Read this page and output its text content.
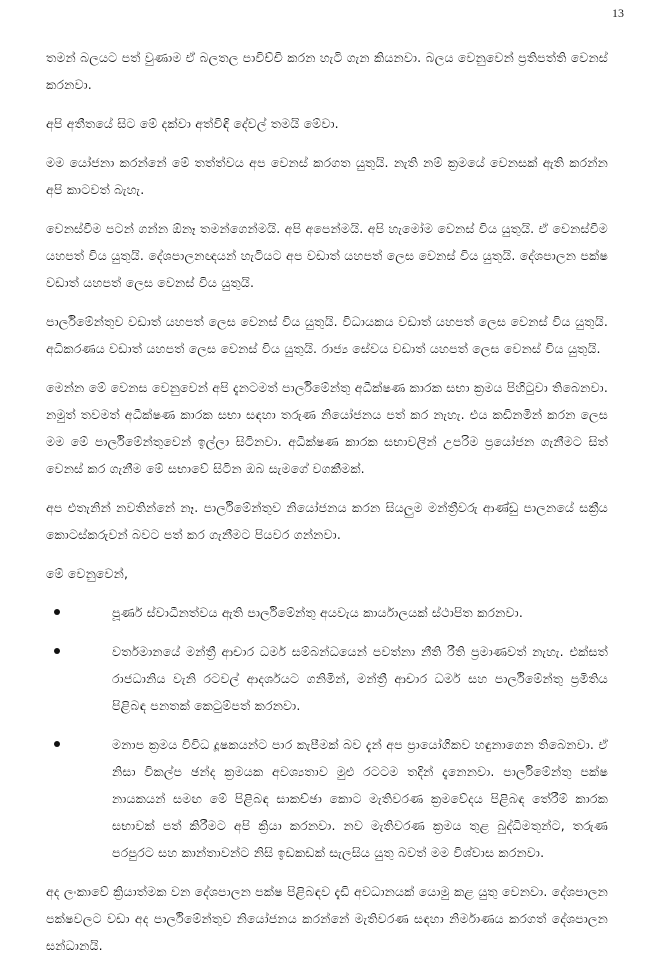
13

තමන් බලයට පත් වුණාම ඒ බලතල පාවිච්චි කරන හැටි ගැන කියනවා. බලය වෙනුවෙන් ප්‍රතිපත්ති වෙනස් කරනවා.

අපි අතීතයේ සිට මේ දක්වා අත්විඳි දේවල් තමයි මේවා.

මම යෝජනා කරන්නේ මේ තත්ත්වය අප වෙනස් කරගත යුතුයි. නැති නම් ක්‍රමයේ වෙනසක් ඇති කරන්න අපි කාටවත් බැහැ.

වෙනස්වීම පටන් ගන්න ඕනෑ තමන්ගෙන්මයි. අපි අපෙන්මයි. අපි හැමෝම වෙනස් විය යුතුයි. ඒ වෙනස්වීම යහපත් විය යුතුයි. දේශපාලනඥයන් හැටියට අප වඩාත් යහපත් ලෙස වෙනස් විය යුතුයි. දේශපාලන පක්ෂ වඩාත් යහපත් ලෙස වෙනස් විය යුතුයි.

පාර්ලිමේන්තුව වඩාත් යහපත් ලෙස වෙනස් විය යුතුයි. විධායකය වඩාත් යහපත් ලෙස වෙනස් විය යුතුයි. අධිකරණය වඩාත් යහපත් ලෙස වෙනස් විය යුතුයි. රාජ්‍ය සේවය වඩාත් යහපත් ලෙස වෙනස් විය යුතුයි.

මෙන්න මේ වෙනස වෙනුවෙන් අපි දැනටමත් පාර්ලිමේන්තු අධීක්ෂණ කාරක සභා ක්‍රමය පිහිටුවා තිබෙනවා. නමුත් තවමත් අධීක්ෂණ කාරක සභා සඳහා තරුණ නියෝජනය පත් කර නැහැ. එය කඩිනමින් කරන ලෙස මම මේ පාර්ලිමේන්තුවෙන් ඉල්ලා සිටිනවා. අධීක්ෂණ කාරක සභාවලින් උපරිම ප්‍රයෝජන ගැනීමට සිත් වෙනස් කර ගැනීම මේ සභාවේ සිටින ඔබ සැමගේ වගකීමක්.

අප එතැනින් නවතින්නේ නෑ. පාර්ලිමේන්තුව නියෝජනය කරන සියලුම මන්ත්‍රීවරු ආණ්ඩු පාලනයේ සක්‍රීය කොටස්කරුවන් බවට පත් කර ගැනීමට පියවර ගන්නවා.

මේ වෙනුවෙන්,

පූර්ණ ස්වාධීනත්වය ඇති පාර්ලිමේන්තු අයවැය කාර්යාලයක් ස්ථාපිත කරනවා.
වර්තමානයේ මන්ත්‍රී ආචාර ධර්ම සම්බන්ධයෙන් පවත්නා නීති රීති ප්‍රමාණවත් නැහැ. එක්සත් රාජධානිය වැනි රටවල් ආදර්ශයට ගනිමින්, මන්ත්‍රී ආචාර ධර්ම සහ පාර්ලිමේන්තු ප්‍රමිතිය පිළිබඳ පනතක් කෙටුම්පත් කරනවා.
මනාප ක්‍රමය විවිධ දූෂකයන්ට පාර කැපීමක් බව දැන් අප ප්‍රායෝගිකව හඳුනාගෙන තිබෙනවා. ඒ නිසා විකල්ප ඡන්ද ක්‍රමයක අවශ්‍යතාව මුළු රටටම තදින් දැනෙනවා. පාර්ලිමේන්තු පක්ෂ නායකයන් සමඟ මේ පිළිබඳ සාකච්ඡා කොට මැතිවරණ ක්‍රමවේදය පිළිබඳ තේරීම් කාරක සභාවක් පත් කිරීමට අපි ක්‍රියා කරනවා. නව මැතිවරණ ක්‍රමය තුළ බුද්ධිමතුන්ට, තරුණ පරපුරට සහ කාන්තාවන්ට නිසි ඉඩකඩක් සැලසිය යුතු බවත් මම විශ්වාස කරනවා.

අද ලංකාවේ ක්‍රියාත්මක වන දේශපාලන පක්ෂ පිළිබඳව දැඩි අවධානයක් යොමු කළ යුතු වෙනවා. දේශපාලන පක්ෂවලට වඩා අද පාර්ලිමේන්තුව නියෝජනය කරන්නේ මැතිවරණ සඳහා නිර්මාණය කරගත් දේශපාලන සන්ධානයි.
